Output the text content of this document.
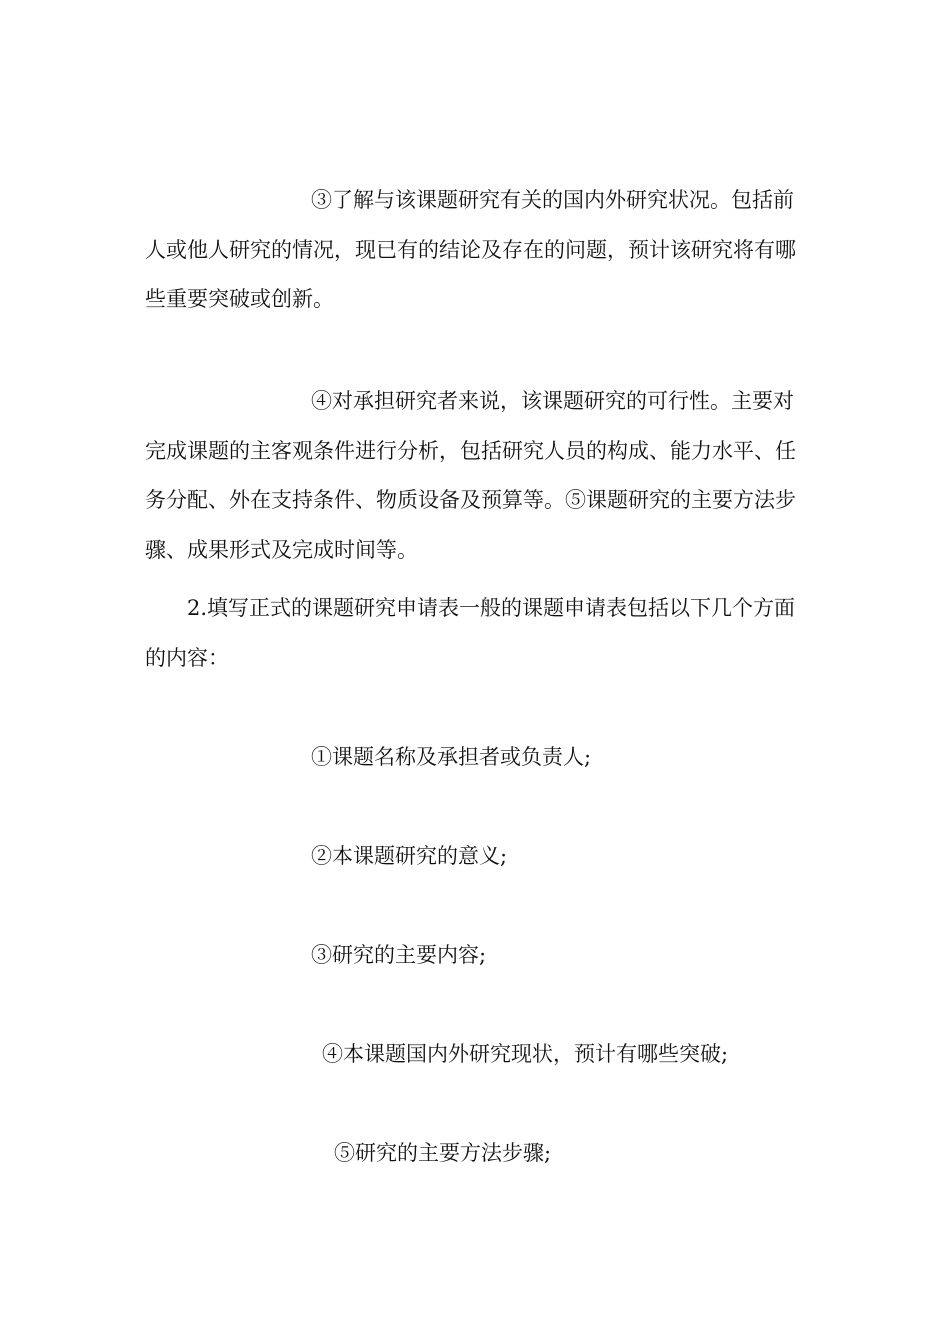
③了解与该课题研究有关的国内外研究状况。包括前人或他人研究的情况，现已有的结论及存在的问题，预计该研究将有哪些重要突破或创新。

④对承担研究者来说，该课题研究的可行性。主要对完成课题的主客观条件进行分析，包括研究人员的构成、能力水平、任务分配、外在支持条件、物质设备及预算等。⑤课题研究的主要方法步骤、成果形式及完成时间等。

2.填写正式的课题研究申请表一般的课题申请表包括以下几个方面的内容：

①课题名称及承担者或负责人;

②本课题研究的意义;

③研究的主要内容;

④本课题国内外研究现状，预计有哪些突破;

⑤研究的主要方法步骤;
